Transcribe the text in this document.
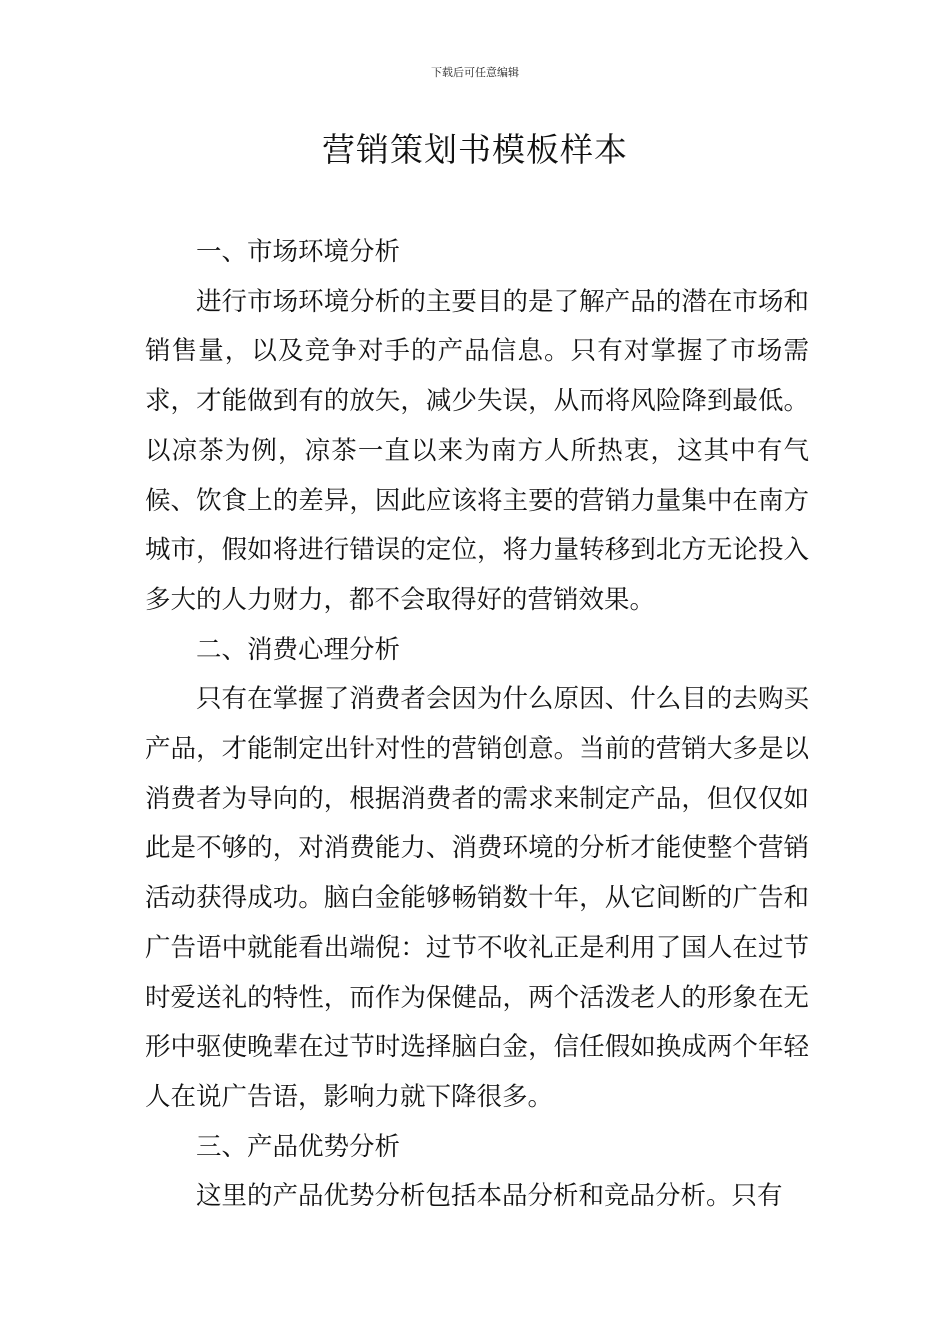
下载后可任意编辑
营销策划书模板样本

一、市场环境分析

进行市场环境分析的主要目的是了解产品的潜在市场和销售量，以及竞争对手的产品信息。只有对掌握了市场需求，才能做到有的放矢，减少失误，从而将风险降到最低。以凉茶为例，凉茶一直以来为南方人所热衷，这其中有气候、饮食上的差异，因此应该将主要的营销力量集中在南方城市，假如将进行错误的定位，将力量转移到北方无论投入多大的人力财力，都不会取得好的营销效果。

二、消费心理分析

只有在掌握了消费者会因为什么原因、什么目的去购买产品，才能制定出针对性的营销创意。当前的营销大多是以消费者为导向的，根据消费者的需求来制定产品，但仅仅如此是不够的，对消费能力、消费环境的分析才能使整个营销活动获得成功。脑白金能够畅销数十年，从它间断的广告和广告语中就能看出端倪：过节不收礼正是利用了国人在过节时爱送礼的特性，而作为保健品，两个活泼老人的形象在无形中驱使晚辈在过节时选择脑白金，信任假如换成两个年轻人在说广告语，影响力就下降很多。

三、产品优势分析

这里的产品优势分析包括本品分析和竞品分析。只有
